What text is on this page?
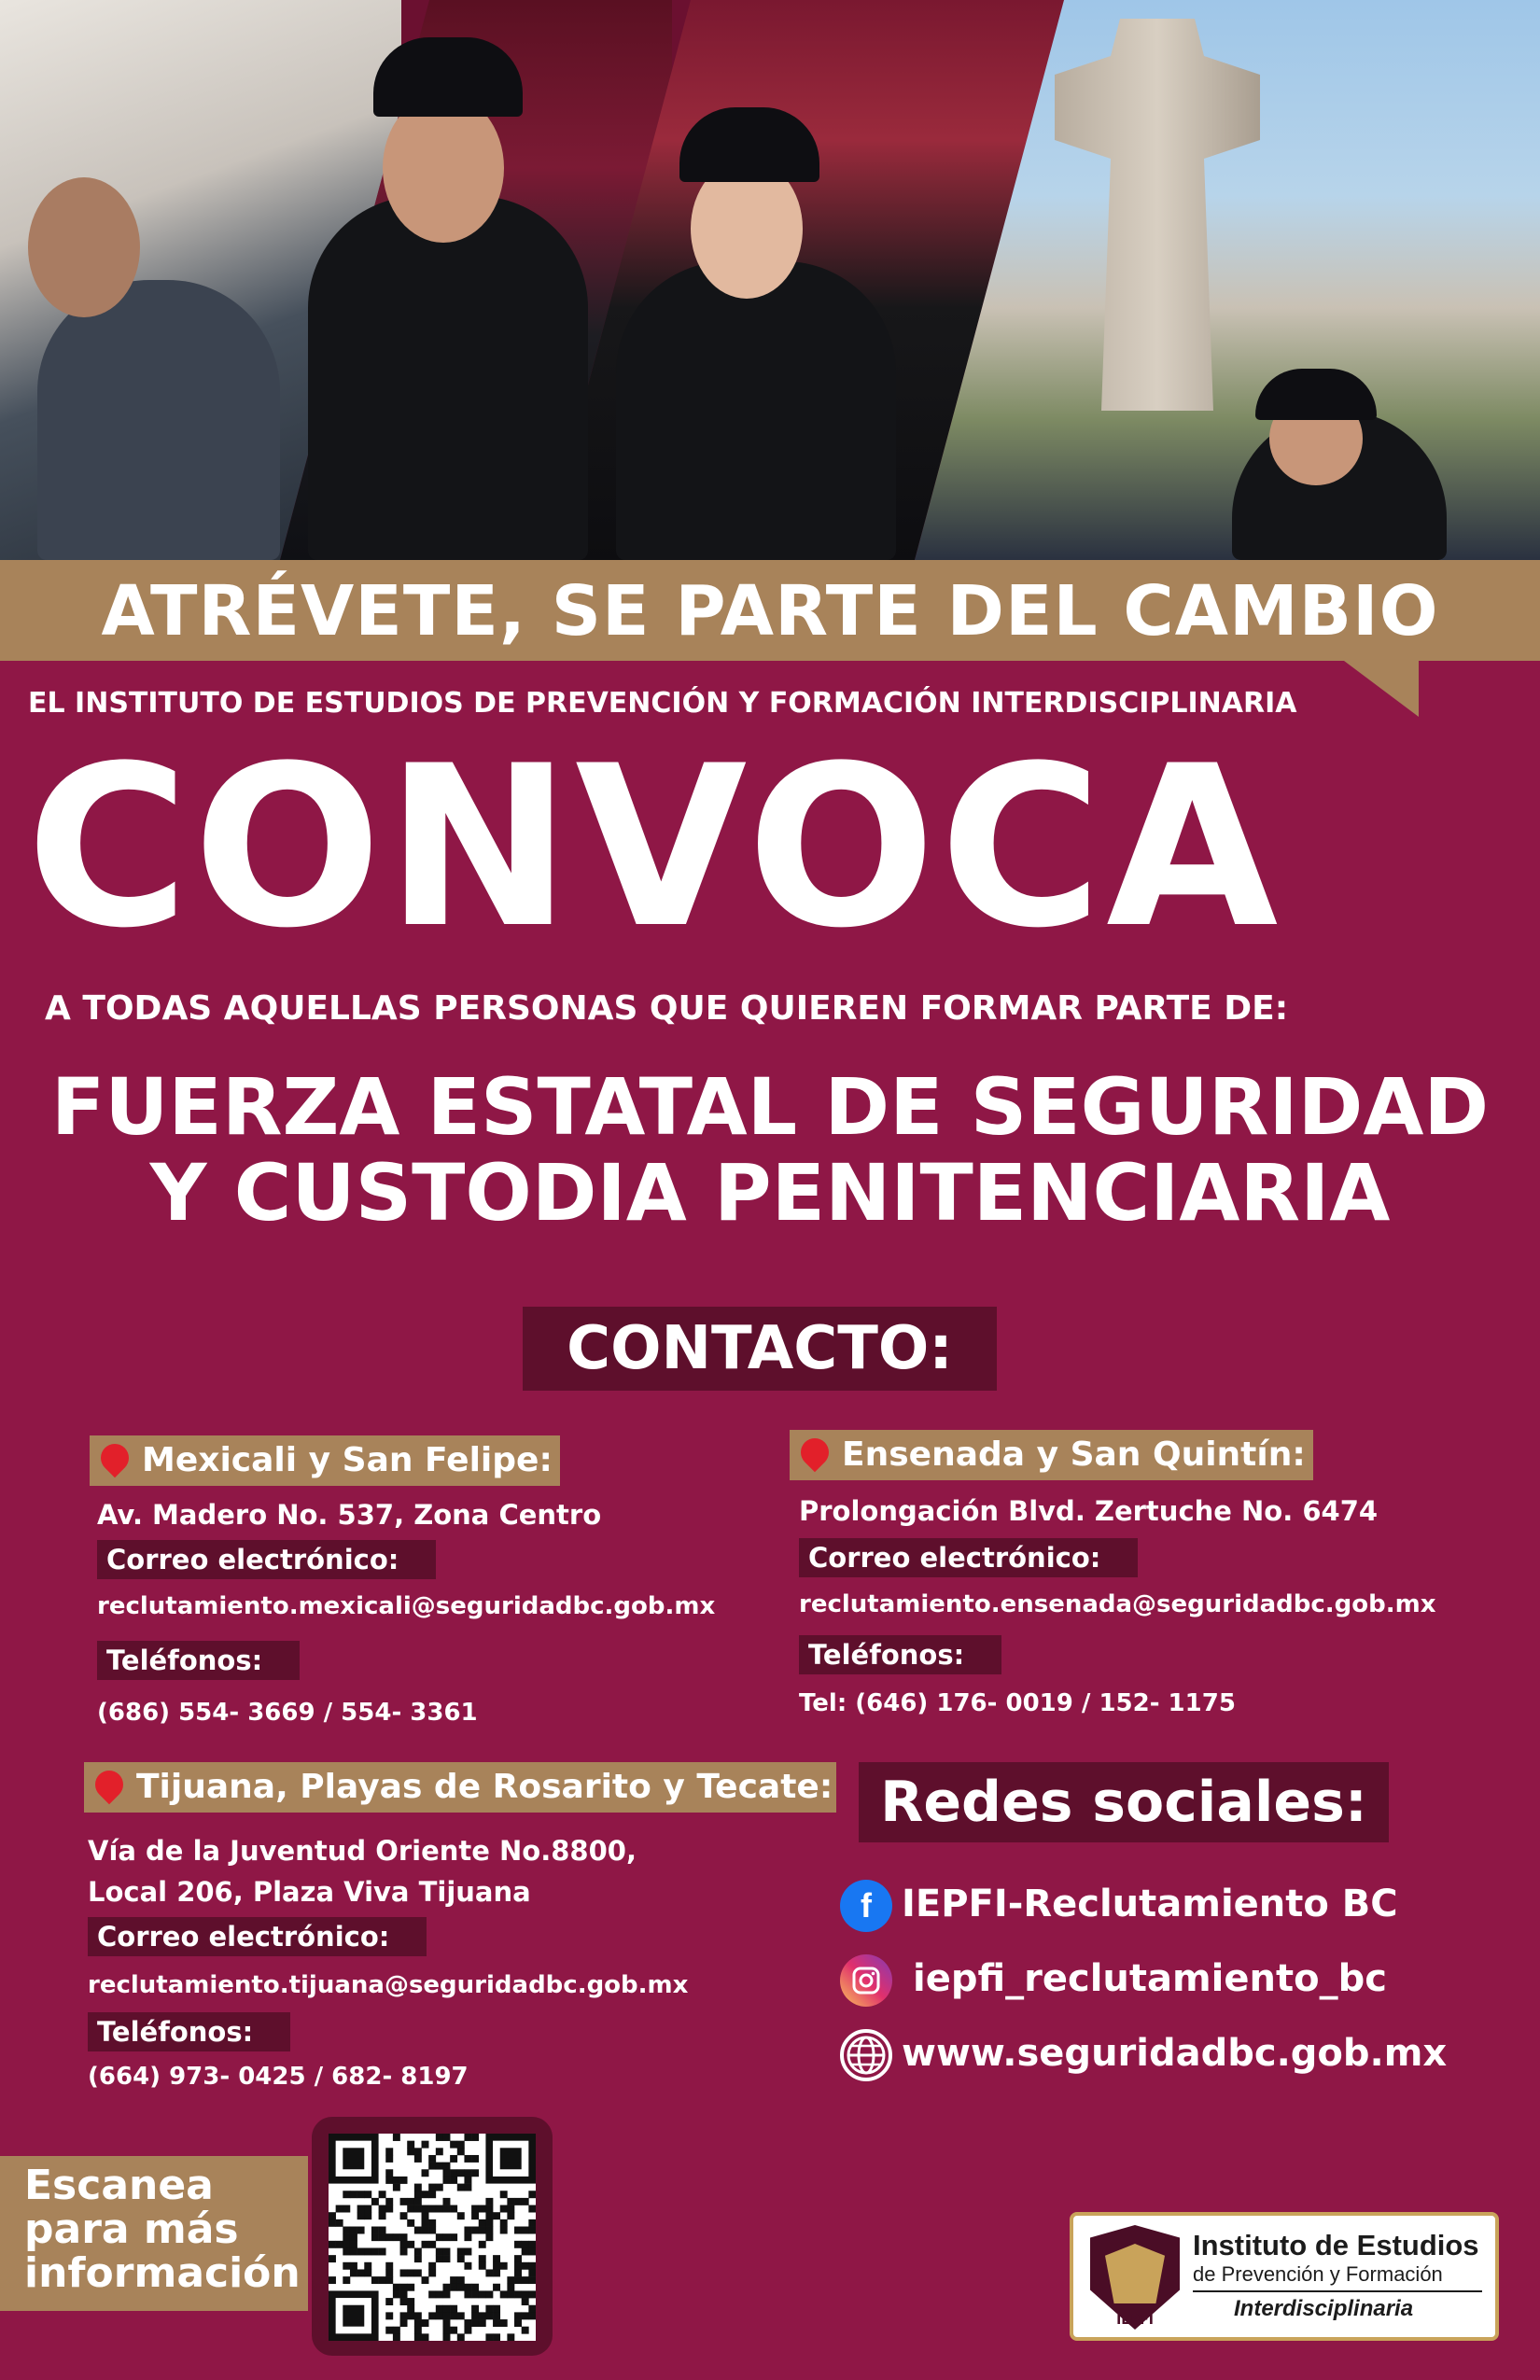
ATRÉVETE, SE PARTE DEL CAMBIO
EL INSTITUTO DE ESTUDIOS DE PREVENCIÓN Y FORMACIÓN INTERDISCIPLINARIA
CONVOCA
A TODAS AQUELLAS PERSONAS QUE QUIEREN FORMAR PARTE DE:
FUERZA ESTATAL DE SEGURIDAD
Y CUSTODIA PENITENCIARIA
CONTACTO:
Mexicali y San Felipe:
Av. Madero No. 537, Zona Centro
Correo electrónico:
reclutamiento.mexicali@seguridadbc.gob.mx
Teléfonos:
(686) 554- 3669 / 554- 3361
Ensenada y San Quintín:
Prolongación Blvd. Zertuche No. 6474
Correo electrónico:
reclutamiento.ensenada@seguridadbc.gob.mx
Teléfonos:
Tel: (646) 176- 0019 / 152- 1175
Tijuana, Playas de Rosarito y Tecate:
Vía de la Juventud Oriente No.8800,
Local 206, Plaza Viva Tijuana
Correo electrónico:
reclutamiento.tijuana@seguridadbc.gob.mx
Teléfonos:
(664) 973- 0425 / 682- 8197
Redes sociales:
f IEPFI-Reclutamiento BC
iepfi_reclutamiento_bc
www.seguridadbc.gob.mx
Escanea
para más
información
IEPFI
Instituto de Estudios
de Prevención y Formación
Interdisciplinaria
